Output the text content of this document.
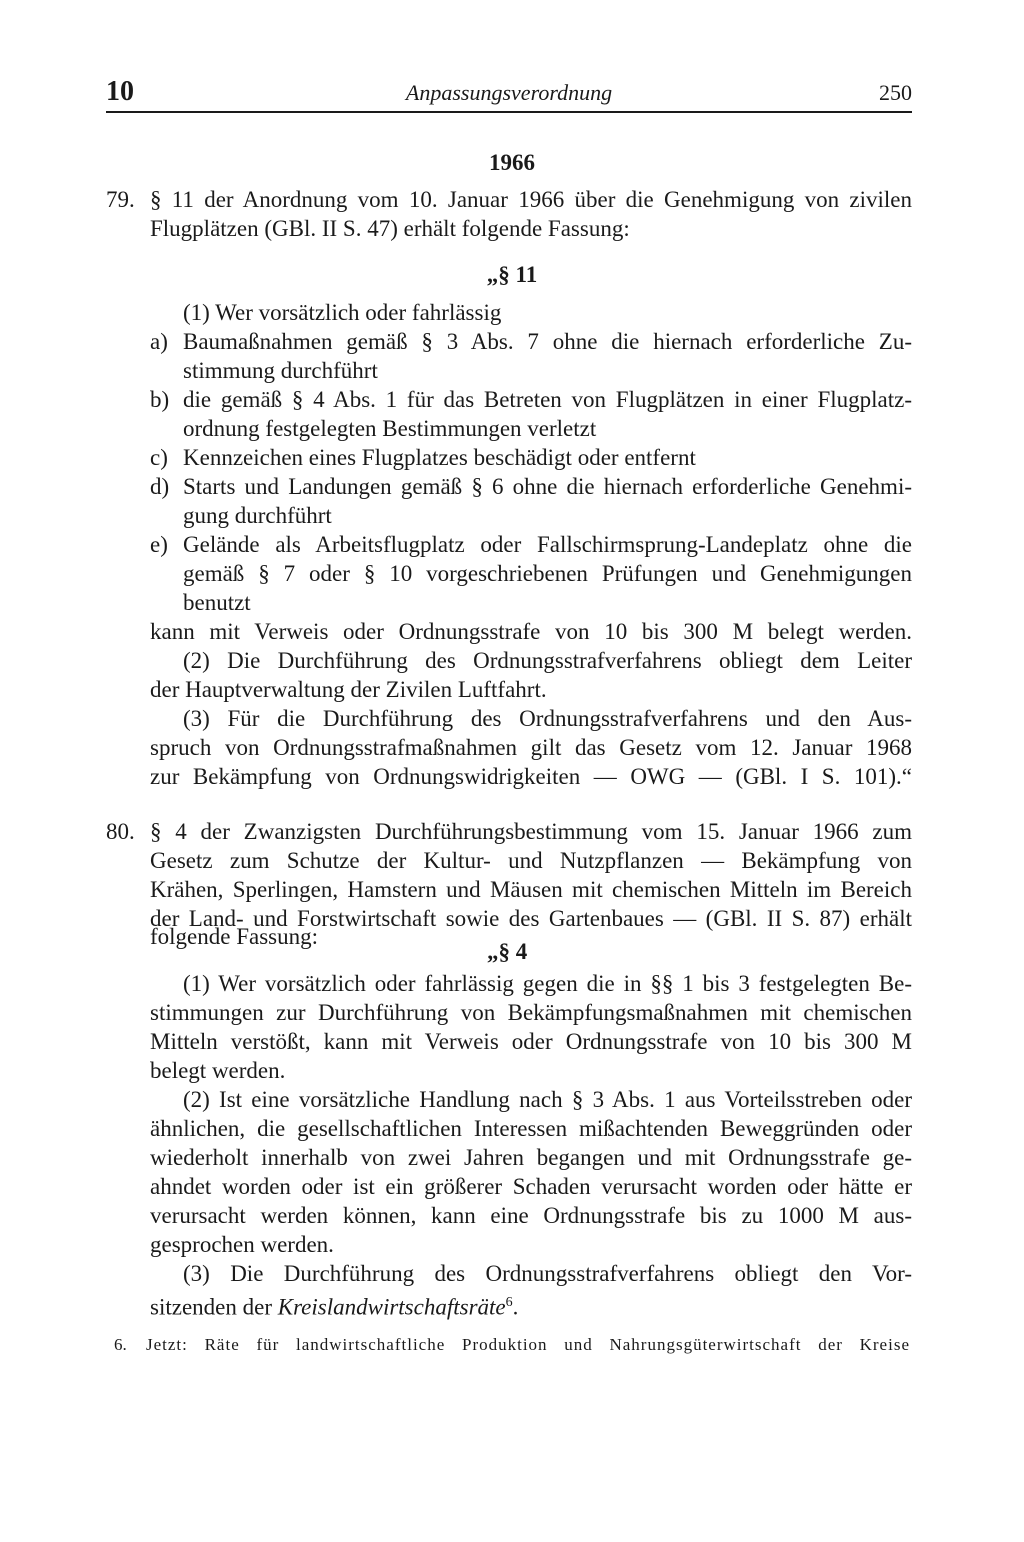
10	Anpassungsverordnung	250
1966
79. § 11 der Anordnung vom 10. Januar 1966 über die Genehmigung von zivilen
Flugplätzen (GBl. II S. 47) erhält folgende Fassung:
„§ 11
(1) Wer vorsätzlich oder fahrlässig
a) Baumaßnahmen gemäß § 3 Abs. 7 ohne die hiernach erforderliche Zu-
stimmung durchführt
b) die gemäß § 4 Abs. 1 für das Betreten von Flugplätzen in einer Flugplatz-
ordnung festgelegten Bestimmungen verletzt
c) Kennzeichen eines Flugplatzes beschädigt oder entfernt
d) Starts und Landungen gemäß § 6 ohne die hiernach erforderliche Genehmi-
gung durchführt
e) Gelände als Arbeitsflugplatz oder Fallschirmsprung-Landeplatz ohne die
gemäß § 7 oder § 10 vorgeschriebenen Prüfungen und Genehmigungen
benutzt
kann mit Verweis oder Ordnungsstrafe von 10 bis 300 M belegt werden.
(2) Die Durchführung des Ordnungsstrafverfahrens obliegt dem Leiter
der Hauptverwaltung der Zivilen Luftfahrt.
(3) Für die Durchführung des Ordnungsstrafverfahrens und den Aus-
spruch von Ordnungsstrafmaßnahmen gilt das Gesetz vom 12. Januar 1968
zur Bekämpfung von Ordnungswidrigkeiten — OWG — (GBl. I S. 101).“
80. § 4 der Zwanzigsten Durchführungsbestimmung vom 15. Januar 1966 zum
Gesetz zum Schutze der Kultur- und Nutzpflanzen — Bekämpfung von
Krähen, Sperlingen, Hamstern und Mäusen mit chemischen Mitteln im Bereich
der Land- und Forstwirtschaft sowie des Gartenbaues — (GBl. II S. 87) erhält
folgende Fassung:
„§ 4
(1) Wer vorsätzlich oder fahrlässig gegen die in §§ 1 bis 3 festgelegten Be-
stimmungen zur Durchführung von Bekämpfungsmaßnahmen mit chemischen
Mitteln verstößt, kann mit Verweis oder Ordnungsstrafe von 10 bis 300 M
belegt werden.
(2) Ist eine vorsätzliche Handlung nach § 3 Abs. 1 aus Vorteilsstreben oder
ähnlichen, die gesellschaftlichen Interessen mißachtenden Beweggründen oder
wiederholt innerhalb von zwei Jahren begangen und mit Ordnungsstrafe ge-
ahndet worden oder ist ein größerer Schaden verursacht worden oder hätte er
verursacht werden können, kann eine Ordnungsstrafe bis zu 1000 M aus-
gesprochen werden.
(3) Die Durchführung des Ordnungsstrafverfahrens obliegt den Vor-
sitzenden der Kreislandwirtschaftsräte$^6$.
6. Jetzt: Räte für landwirtschaftliche Produktion und Nahrungsgüterwirtschaft der Kreise
